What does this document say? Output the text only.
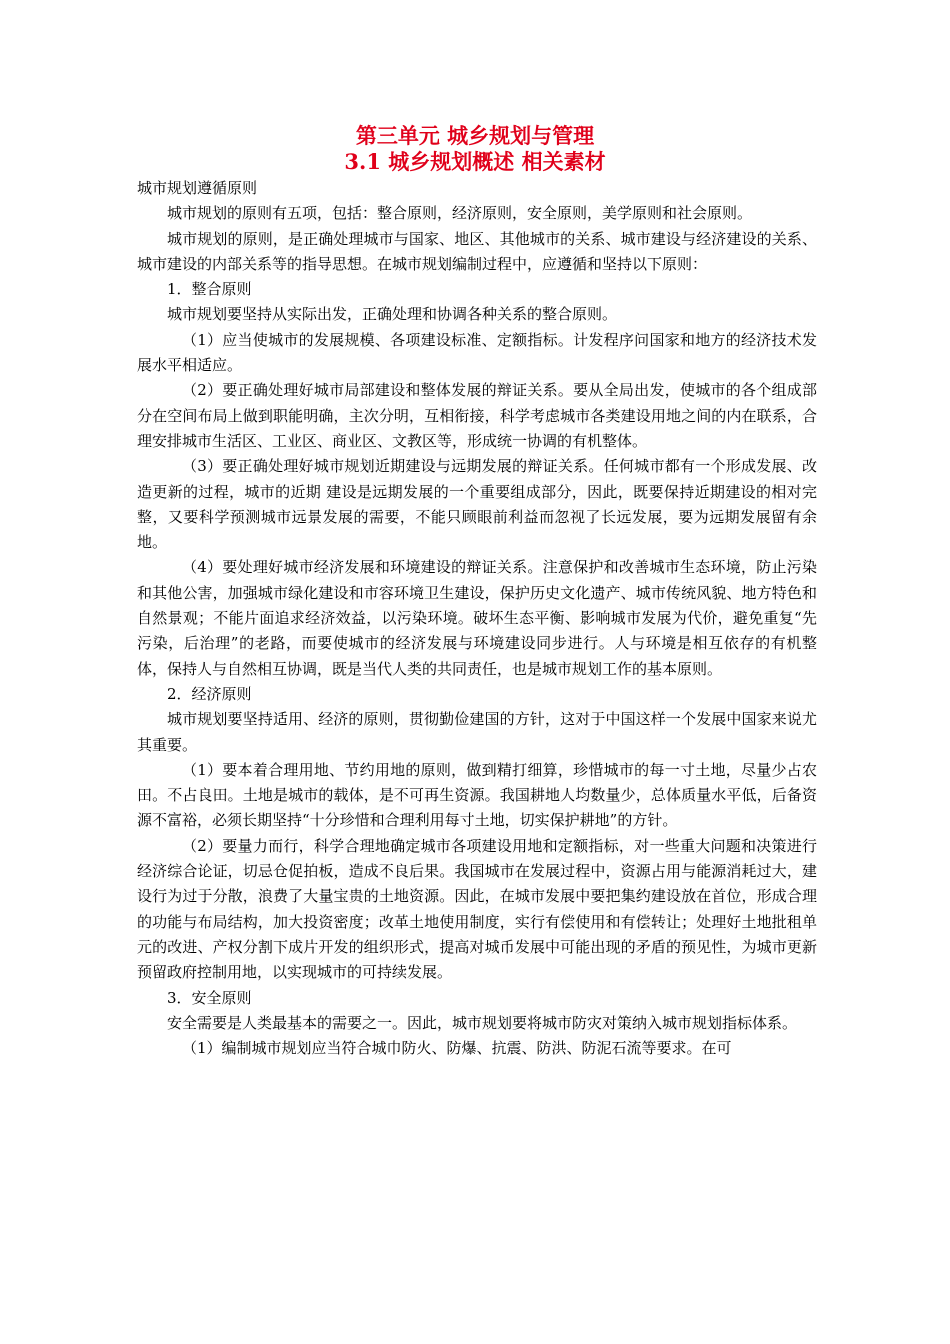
第三单元 城乡规划与管理
3.1 城乡规划概述 相关素材

城市规划遵循原则

城市规划的原则有五项，包括：整合原则，经济原则，安全原则，美学原则和社会原则。

城市规划的原则，是正确处理城市与国家、地区、其他城市的关系、城市建设与经济建设的关系、城市建设的内部关系等的指导思想。在城市规划编制过程中，应遵循和坚持以下原则：

1．整合原则

城市规划要坚持从实际出发，正确处理和协调各种关系的整合原则。

（1）应当使城市的发展规模、各项建设标准、定额指标。计发程序问国家和地方的经济技术发展水平相适应。

（2）要正确处理好城市局部建设和整体发展的辩证关系。要从全局出发，使城市的各个组成部分在空间布局上做到职能明确，主次分明，互相衔接，科学考虑城市各类建设用地之间的内在联系，合理安排城市生活区、工业区、商业区、文教区等，形成统一协调的有机整体。

（3）要正确处理好城市规划近期建设与远期发展的辩证关系。任何城市都有一个形成发展、改造更新的过程，城市的近期 建设是远期发展的一个重要组成部分，因此，既要保持近期建设的相对完整，又要科学预测城市远景发展的需要，不能只顾眼前利益而忽视了长远发展，要为远期发展留有余地。

（4）要处理好城市经济发展和环境建设的辩证关系。注意保护和改善城市生态环境，防止污染和其他公害，加强城市绿化建设和市容环境卫生建设，保护历史文化遗产、城市传统风貌、地方特色和自然景观；不能片面追求经济效益，以污染环境。破坏生态平衡、影响城市发展为代价，避免重复“先污染，后治理”的老路，而要使城市的经济发展与环境建设同步进行。人与环境是相互依存的有机整体，保持人与自然相互协调，既是当代人类的共同责任，也是城市规划工作的基本原则。

2．经济原则

城市规划要坚持适用、经济的原则，贯彻勤俭建国的方针，这对于中国这样一个发展中国家来说尤其重要。

（1）要本着合理用地、节约用地的原则，做到精打细算，珍惜城市的每一寸土地，尽量少占农田。不占良田。土地是城市的载体，是不可再生资源。我国耕地人均数量少，总体质量水平低，后备资源不富裕，必须长期坚持“十分珍惜和合理利用每寸土地，切实保护耕地”的方针。

（2）要量力而行，科学合理地确定城市各项建设用地和定额指标，对一些重大问题和决策进行经济综合论证，切忌仓促拍板，造成不良后果。我国城市在发展过程中，资源占用与能源消耗过大，建设行为过于分散，浪费了大量宝贵的土地资源。因此，在城市发展中要把集约建设放在首位，形成合理的功能与布局结构，加大投资密度；改革土地使用制度，实行有偿使用和有偿转让；处理好土地批租单元的改进、产权分割下成片开发的组织形式，提高对城币发展中可能出现的矛盾的预见性，为城市更新预留政府控制用地，以实现城市的可持续发展。

3．安全原则

安全需要是人类最基本的需要之一。因此，城市规划要将城市防灾对策纳入城市规划指标体系。

（1）编制城市规划应当符合城巾防火、防爆、抗震、防洪、防泥石流等要求。在可
